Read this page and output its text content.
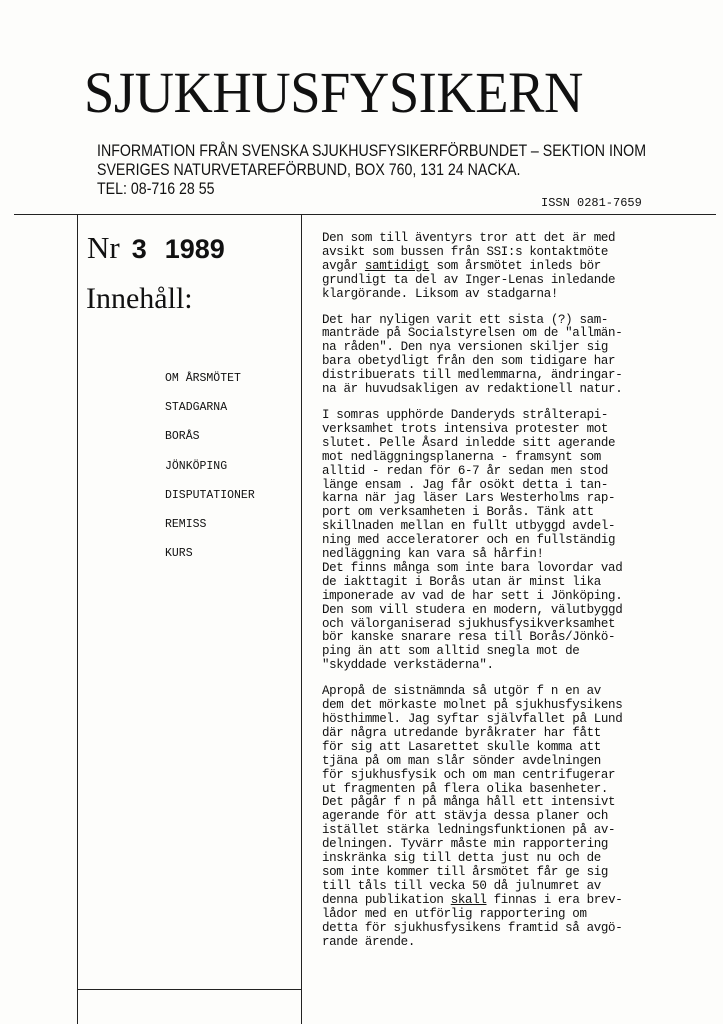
SJUKHUSFYSIKERN
INFORMATION FRÅN SVENSKA SJUKHUSFYSIKERFÖRBUNDET – SEKTION INOM
SVERIGES NATURVETAREFÖRBUND, BOX 760, 131 24 NACKA.
TEL: 08-716 28 55
ISSN 0281-7659
Nr 3 1989
Innehåll:
OM ÅRSMÖTET
STADGARNA
BORÅS
JÖNKÖPING
DISPUTATIONER
REMISS
KURS
Den som till äventyrs tror att det är med
avsikt som bussen från SSI:s kontaktmöte
avgår samtidigt som årsmötet inleds bör
grundligt ta del av Inger-Lenas inledande
klargörande. Liksom av stadgarna!
Det har nyligen varit ett sista (?) sam-
manträde på Socialstyrelsen om de "allmän-
na råden". Den nya versionen skiljer sig
bara obetydligt från den som tidigare har
distribuerats till medlemmarna, ändringar-
na är huvudsakligen av redaktionell natur.
I somras upphörde Danderyds strålterapi-
verksamhet trots intensiva protester mot
slutet. Pelle Åsard inledde sitt agerande
mot nedläggningsplanerna - framsynt som
alltid - redan för 6-7 år sedan men stod
länge ensam . Jag får osökt detta i tan-
karna när jag läser Lars Westerholms rap-
port om verksamheten i Borås. Tänk att
skillnaden mellan en fullt utbyggd avdel-
ning med acceleratorer och en fullständig
nedläggning kan vara så hårfin!
Det finns många som inte bara lovordar vad
de iakttagit i Borås utan är minst lika
imponerade av vad de har sett i Jönköping.
Den som vill studera en modern, välutbyggd
och välorganiserad sjukhusfysikverksamhet
bör kanske snarare resa till Borås/Jönkö-
ping än att som alltid snegla mot de
"skyddade verkstäderna".
Apropå de sistnämnda så utgör f n en av
dem det mörkaste molnet på sjukhusfysikens
hösthimmel. Jag syftar självfallet på Lund
där några utredande byråkrater har fått
för sig att Lasarettet skulle komma att
tjäna på om man slår sönder avdelningen
för sjukhusfysik och om man centrifugerar
ut fragmenten på flera olika basenheter.
Det pågår f n på många håll ett intensivt
agerande för att stävja dessa planer och
istället stärka ledningsfunktionen på av-
delningen. Tyvärr måste min rapportering
inskränka sig till detta just nu och de
som inte kommer till årsmötet får ge sig
till tåls till vecka 50 då julnumret av
denna publikation skall finnas i era brev-
lådor med en utförlig rapportering om
detta för sjukhusfysikens framtid så avgö-
rande ärende.
